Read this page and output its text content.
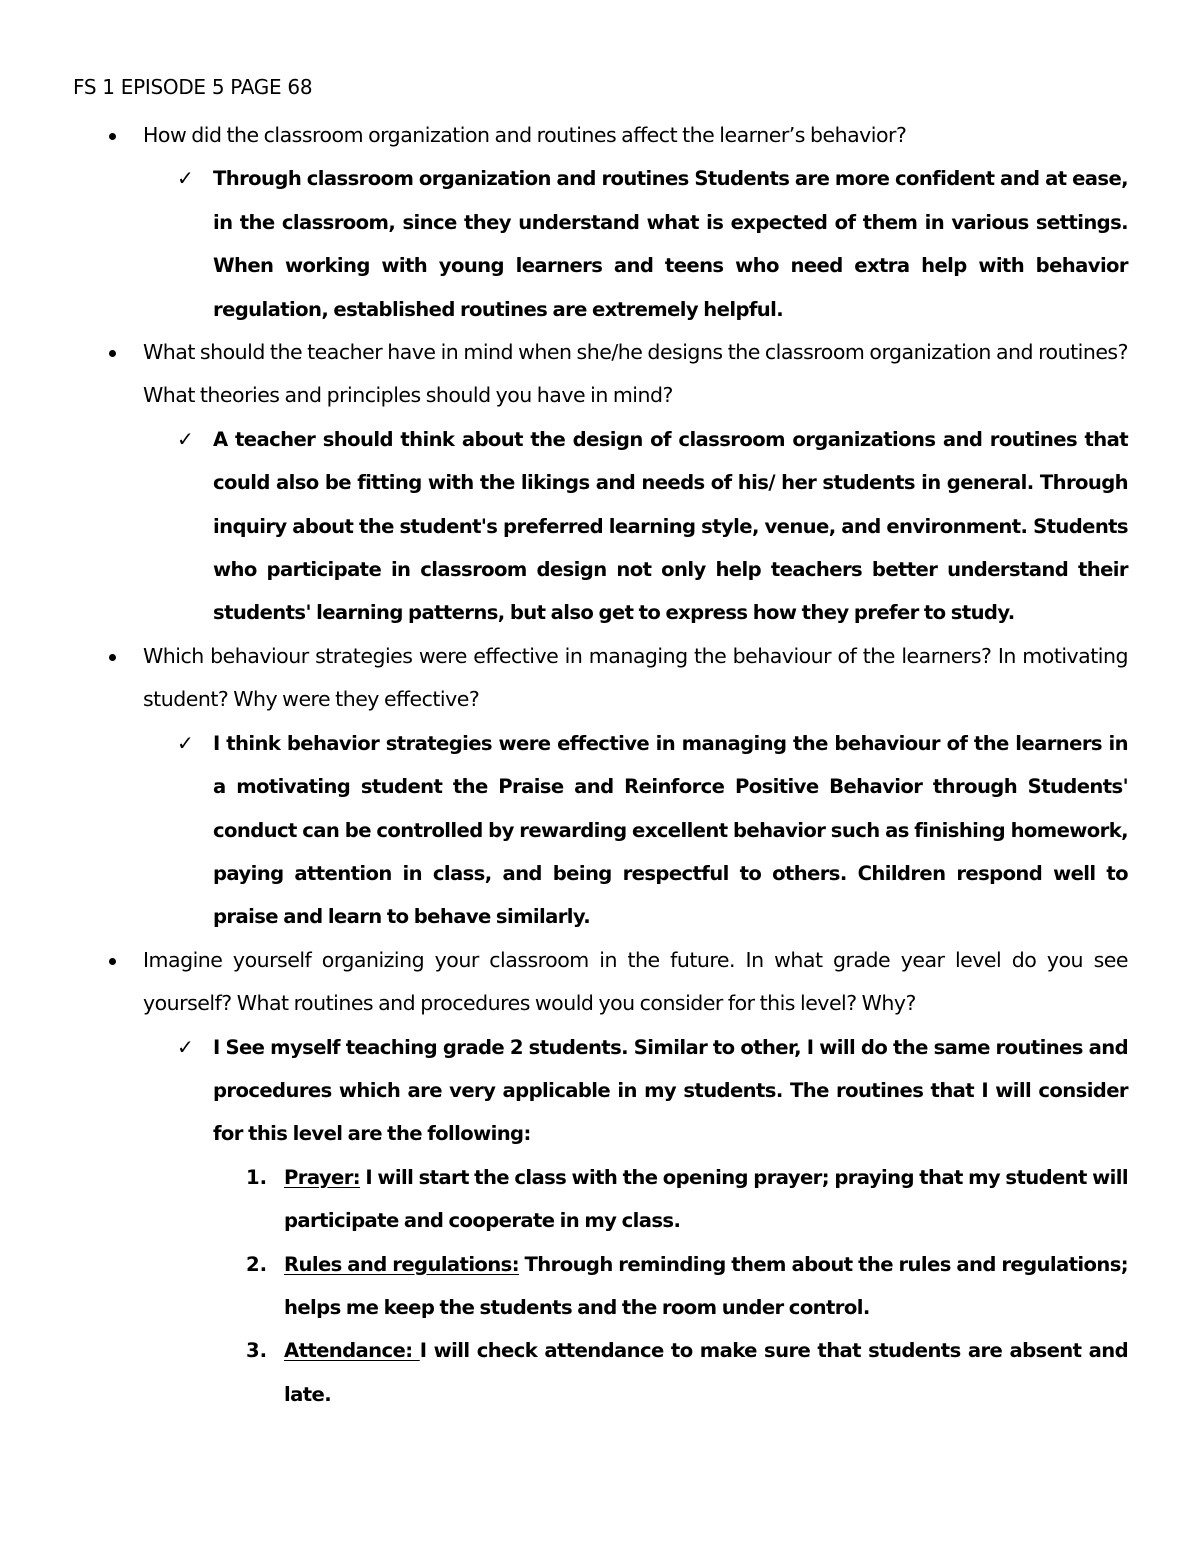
FS 1 EPISODE 5 PAGE 68

How did the classroom organization and routines affect the learner’s behavior?

✓ Through classroom organization and routines Students are more confident and at ease, in the classroom, since they understand what is expected of them in various settings. When working with young learners and teens who need extra help with behavior regulation, established routines are extremely helpful.

What should the teacher have in mind when she/he designs the classroom organization and routines? What theories and principles should you have in mind?

✓ A teacher should think about the design of classroom organizations and routines that could also be fitting with the likings and needs of his/ her students in general. Through inquiry about the student's preferred learning style, venue, and environment. Students who participate in classroom design not only help teachers better understand their students' learning patterns, but also get to express how they prefer to study.

Which behaviour strategies were effective in managing the behaviour of the learners? In motivating student? Why were they effective?

✓ I think behavior strategies were effective in managing the behaviour of the learners in a motivating student the Praise and Reinforce Positive Behavior through Students' conduct can be controlled by rewarding excellent behavior such as finishing homework, paying attention in class, and being respectful to others. Children respond well to praise and learn to behave similarly.

Imagine yourself organizing your classroom in the future. In what grade year level do you see yourself? What routines and procedures would you consider for this level? Why?

✓ I See myself teaching grade 2 students. Similar to other, I will do the same routines and procedures which are very applicable in my students. The routines that I will consider for this level are the following:

1. Prayer: I will start the class with the opening prayer; praying that my student will participate and cooperate in my class.

2. Rules and regulations: Through reminding them about the rules and regulations; helps me keep the students and the room under control.

3. Attendance: I will check attendance to make sure that students are absent and late.
